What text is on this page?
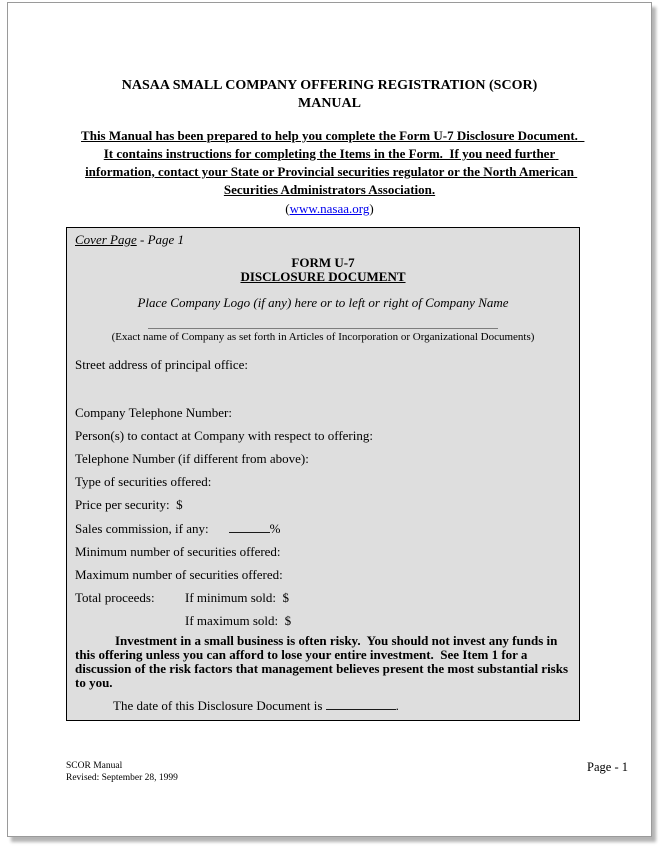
NASAA SMALL COMPANY OFFERING REGISTRATION (SCOR)
MANUAL
This Manual has been prepared to help you complete the Form U-7 Disclosure Document.  It contains instructions for completing the Items in the Form.  If you need further information, contact your State or Provincial securities regulator or the North American Securities Administrators Association.
(www.nasaa.org)
Cover Page - Page 1
FORM U-7
DISCLOSURE DOCUMENT
Place Company Logo (if any) here or to left or right of Company Name
(Exact name of Company as set forth in Articles of Incorporation or Organizational Documents)
Street address of principal office:
Company Telephone Number:
Person(s) to contact at Company with respect to offering:
Telephone Number (if different from above):
Type of securities offered:
Price per security:  $
Sales commission, if any:	%
Minimum number of securities offered:
Maximum number of securities offered:
Total proceeds: If minimum sold:  $
If maximum sold:  $
Investment in a small business is often risky.  You should not invest any funds in this offering unless you can afford to lose your entire investment.  See Item 1 for a discussion of the risk factors that management believes present the most substantial risks to you.
The date of this Disclosure Document is	.
SCOR Manual
Revised: September 28, 1999
Page - 1
